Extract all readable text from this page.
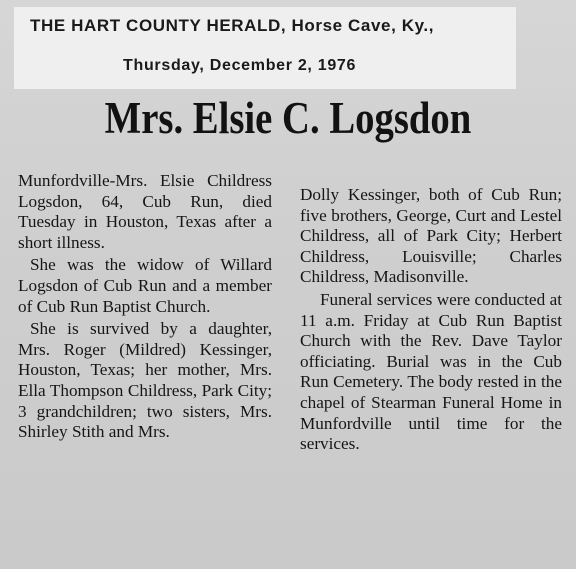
THE HART COUNTY HERALD, Horse Cave, Ky.,
Thursday, December 2, 1976
Mrs. Elsie C. Logsdon

Munfordville-Mrs. Elsie Childress Logsdon, 64, Cub Run, died Tuesday in Houston, Texas after a short illness.

She was the widow of Willard Logsdon of Cub Run and a member of Cub Run Baptist Church.

She is survived by a daughter, Mrs. Roger (Mildred) Kessinger, Houston, Texas; her mother, Mrs. Ella Thompson Childress, Park City; 3 grandchildren; two sisters, Mrs. Shirley Stith and Mrs.

Dolly Kessinger, both of Cub Run; five brothers, George, Curt and Lestel Childress, all of Park City; Herbert Childress, Louisville; Charles Childress, Madisonville.

Funeral services were conducted at 11 a.m. Friday at Cub Run Baptist Church with the Rev. Dave Taylor officiating. Burial was in the Cub Run Cemetery. The body rested in the chapel of Stearman Funeral Home in Munfordville until time for the services.
